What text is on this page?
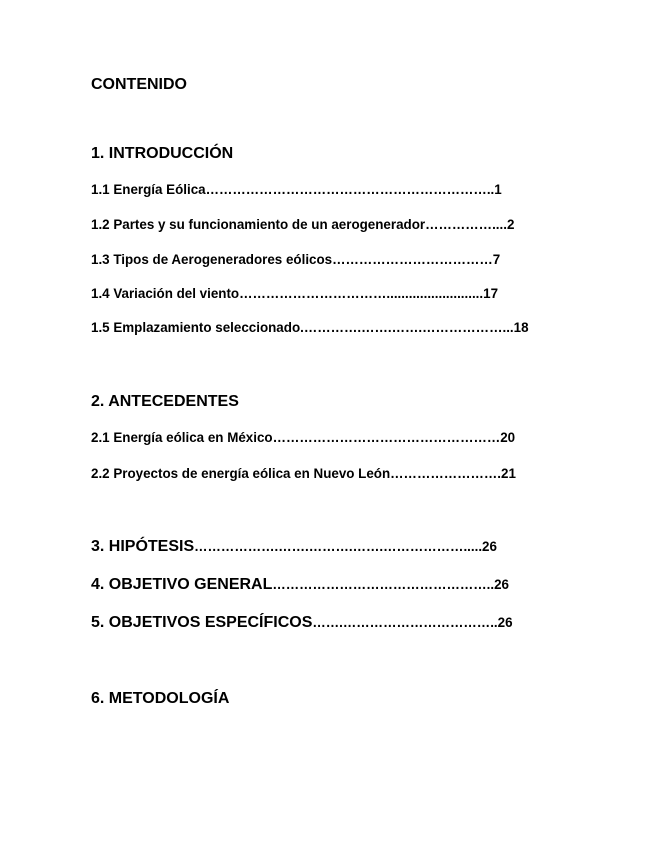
CONTENIDO
1. INTRODUCCIÓN
1.1 Energía Eólica………………………………………………………..1
1.2 Partes y su funcionamiento de un aerogenerador……………....2
1.3 Tipos de Aerogeneradores eólicos………………………………7
1.4 Variación del viento……………………………..........................17
1.5 Emplazamiento seleccionado.………….…….…….………………...18
2. ANTECEDENTES
2.1 Energía eólica en México……………………………………………20
2.2 Proyectos de energía eólica en Nuevo León…………………….21
3. HIPÓTESIS……………….…….……….…….……………….....26
4. OBJETIVO GENERAL…………………………………………..26
5. OBJETIVOS ESPECÍFICOS…….……………………………..26
6. METODOLOGÍA
